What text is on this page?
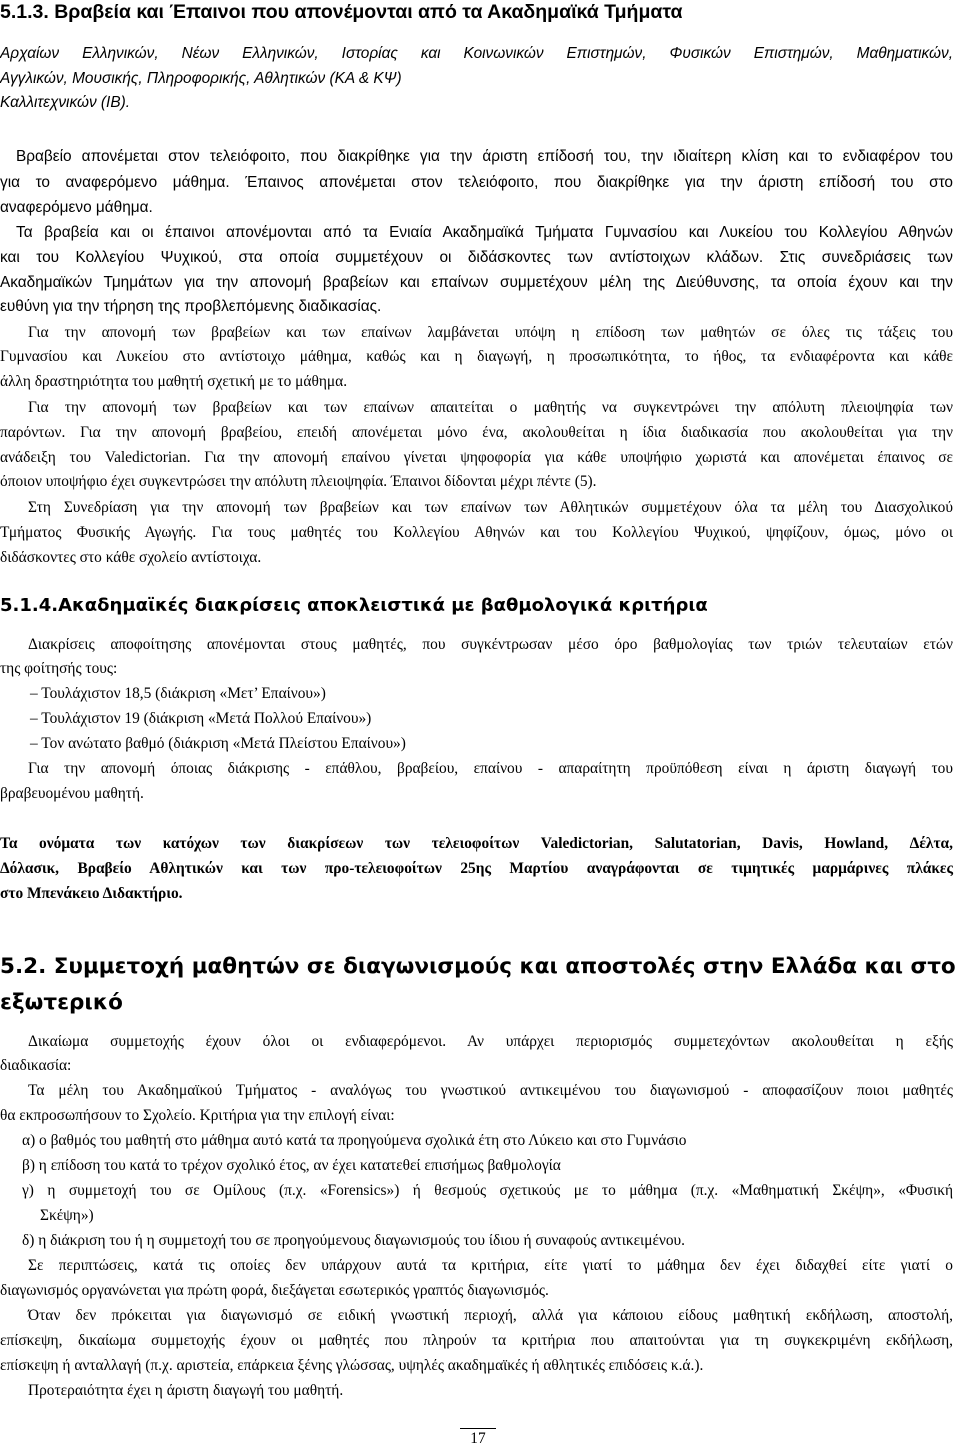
5.1.3. Βραβεία και Έπαινοι που απονέμονται από τα Ακαδημαϊκά Τμήματα
Αρχαίων Ελληνικών, Νέων Ελληνικών, Ιστορίας και Κοινωνικών Επιστημών, Φυσικών Επιστημών, Μαθηματικών,
Αγγλικών, Μουσικής, Πληροφορικής, Αθλητικών (ΚΑ & ΚΨ)
Καλλιτεχνικών (ΙΒ).
Βραβείο απονέμεται στον τελειόφοιτο, που διακρίθηκε για την άριστη επίδοσή του, την ιδιαίτερη κλίση και το ενδιαφέρον του
για το αναφερόμενο μάθημα. Έπαινος απονέμεται στον τελειόφοιτο, που διακρίθηκε για την άριστη επίδοσή του στο
αναφερόμενο μάθημα.
Τα βραβεία και οι έπαινοι απονέμονται από τα Ενιαία Ακαδημαϊκά Τμήματα Γυμνασίου και Λυκείου του Κολλεγίου Αθηνών
και του Κολλεγίου Ψυχικού, στα οποία συμμετέχουν οι διδάσκοντες των αντίστοιχων κλάδων. Στις συνεδριάσεις των
Ακαδημαϊκών Τμημάτων για την απονομή βραβείων και επαίνων συμμετέχουν μέλη της Διεύθυνσης, τα οποία έχουν και την
ευθύνη για την τήρηση της προβλεπόμενης διαδικασίας.
Για την απονομή των βραβείων και των επαίνων λαμβάνεται υπόψη η επίδοση των μαθητών σε όλες τις τάξεις του
Γυμνασίου και Λυκείου στο αντίστοιχο μάθημα, καθώς και η διαγωγή, η προσωπικότητα, το ήθος, τα ενδιαφέροντα και κάθε
άλλη δραστηριότητα του μαθητή σχετική με το μάθημα.
Για την απονομή των βραβείων και των επαίνων απαιτείται ο μαθητής να συγκεντρώνει την απόλυτη πλειοψηφία των
παρόντων. Για την απονομή βραβείου, επειδή απονέμεται μόνο ένα, ακολουθείται η ίδια διαδικασία που ακολουθείται για την
ανάδειξη του Valedictorian. Για την απονομή επαίνου γίνεται ψηφοφορία για κάθε υποψήφιο χωριστά και απονέμεται έπαινος σε
όποιον υποψήφιο έχει συγκεντρώσει την απόλυτη πλειοψηφία. Έπαινοι δίδονται μέχρι πέντε (5).
Στη Συνεδρίαση για την απονομή των βραβείων και των επαίνων των Αθλητικών συμμετέχουν όλα τα μέλη του Διασχολικού
Τμήματος Φυσικής Αγωγής. Για τους μαθητές του Κολλεγίου Αθηνών και του Κολλεγίου Ψυχικού, ψηφίζουν, όμως, μόνο οι
διδάσκοντες στο κάθε σχολείο αντίστοιχα.
5.1.4.Ακαδημαϊκές διακρίσεις αποκλειστικά με βαθμολογικά κριτήρια
Διακρίσεις αποφοίτησης απονέμονται στους μαθητές, που συγκέντρωσαν μέσο όρο βαθμολογίας των τριών τελευταίων ετών
της φοίτησής τους:
– Τουλάχιστον 18,5 (διάκριση «Μετ’ Επαίνου»)
– Τουλάχιστον 19 (διάκριση «Μετά Πολλού Επαίνου»)
– Τον ανώτατο βαθμό (διάκριση «Μετά Πλείστου Επαίνου»)
Για την απονομή όποιας διάκρισης - επάθλου, βραβείου, επαίνου - απαραίτητη προϋπόθεση είναι η άριστη διαγωγή του
βραβευομένου μαθητή.
Τα ονόματα των κατόχων των διακρίσεων των τελειοφοίτων Valedictorian, Salutatorian, Davis, Howland, Δέλτα,
Δόλασικ, Βραβείο Αθλητικών και των προ-τελειοφοίτων 25ης Μαρτίου αναγράφονται σε τιμητικές μαρμάρινες πλάκες
στο Μπενάκειο Διδακτήριο.
5.2. Συμμετοχή μαθητών σε διαγωνισμούς και αποστολές στην Ελλάδα και στο
εξωτερικό
Δικαίωμα συμμετοχής έχουν όλοι οι ενδιαφερόμενοι. Αν υπάρχει περιορισμός συμμετεχόντων ακολουθείται η εξής
διαδικασία:
Τα μέλη του Ακαδημαϊκού Τμήματος - αναλόγως του γνωστικού αντικειμένου του διαγωνισμού - αποφασίζουν ποιοι μαθητές
θα εκπροσωπήσουν το Σχολείο. Κριτήρια για την επιλογή είναι:
α) ο βαθμός του μαθητή στο μάθημα αυτό κατά τα προηγούμενα σχολικά έτη στο Λύκειο και στο Γυμνάσιο
β) η επίδοση του κατά το τρέχον σχολικό έτος, αν έχει κατατεθεί επισήμως βαθμολογία
γ) η συμμετοχή του σε Ομίλους (π.χ. «Forensics») ή θεσμούς σχετικούς με το μάθημα (π.χ. «Μαθηματική Σκέψη», «Φυσική
Σκέψη»)
δ) η διάκριση του ή η συμμετοχή του σε προηγούμενους διαγωνισμούς του ίδιου ή συναφούς αντικειμένου.
Σε περιπτώσεις, κατά τις οποίες δεν υπάρχουν αυτά τα κριτήρια, είτε γιατί το μάθημα δεν έχει διδαχθεί είτε γιατί ο
διαγωνισμός οργανώνεται για πρώτη φορά, διεξάγεται εσωτερικός γραπτός διαγωνισμός.
Όταν δεν πρόκειται για διαγωνισμό σε ειδική γνωστική περιοχή, αλλά για κάποιου είδους μαθητική εκδήλωση, αποστολή,
επίσκεψη, δικαίωμα συμμετοχής έχουν οι μαθητές που πληρούν τα κριτήρια που απαιτούνται για τη συγκεκριμένη εκδήλωση,
επίσκεψη ή ανταλλαγή (π.χ. αριστεία, επάρκεια ξένης γλώσσας, υψηλές ακαδημαϊκές ή αθλητικές επιδόσεις κ.ά.).
Προτεραιότητα έχει η άριστη διαγωγή του μαθητή.
17
